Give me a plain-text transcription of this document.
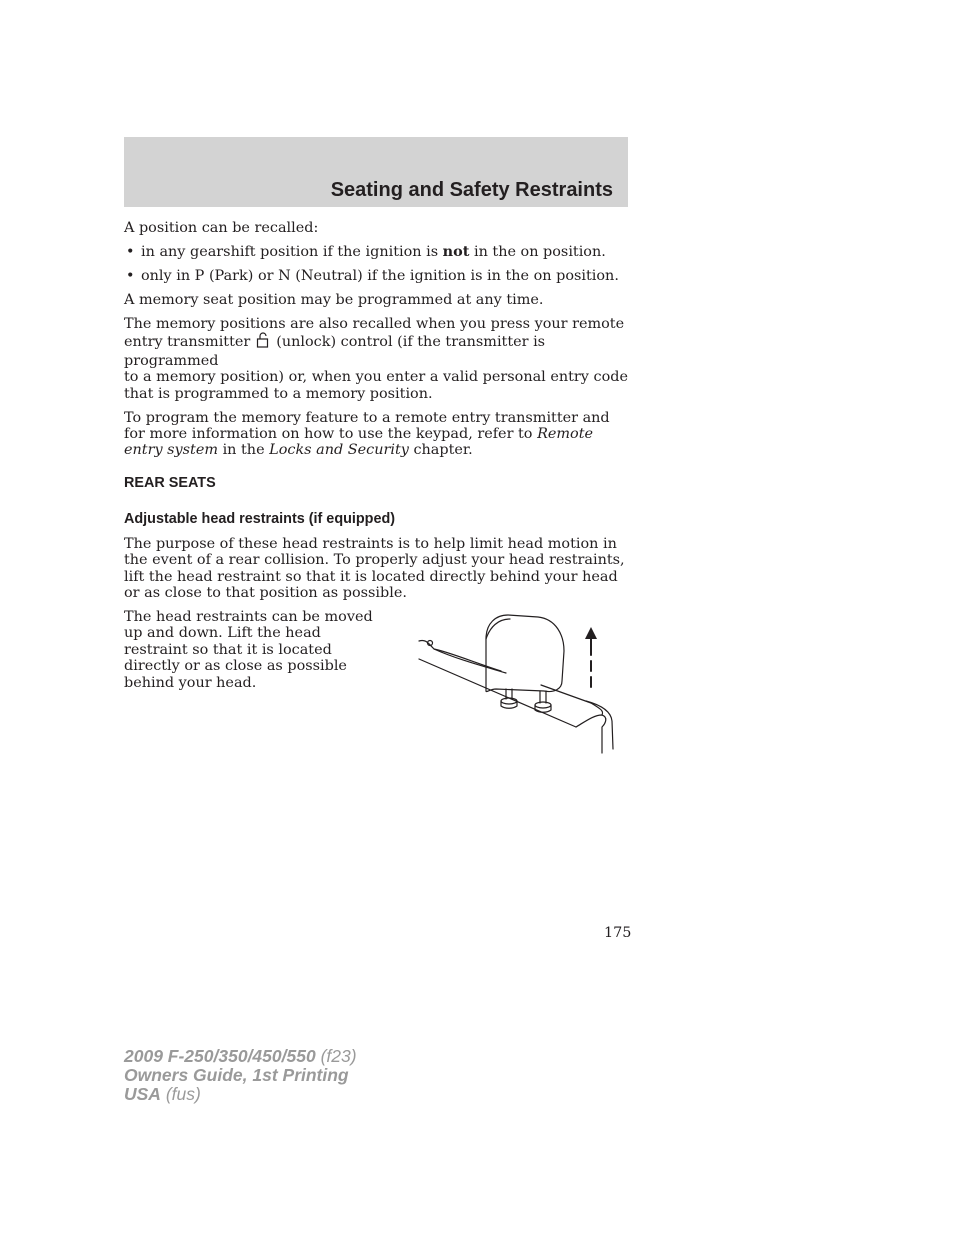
Seating and Safety Restraints

A position can be recalled:

• in any gearshift position if the ignition is not in the on position.
• only in P (Park) or N (Neutral) if the ignition is in the on position.

A memory seat position may be programmed at any time.

The memory positions are also recalled when you press your remote
entry transmitter (unlock) control (if the transmitter is programmed
to a memory position) or, when you enter a valid personal entry code that is programmed to a memory position.

To program the memory feature to a remote entry transmitter and for more information on how to use the keypad, refer to Remote entry system in the Locks and Security chapter.

REAR SEATS
Adjustable head restraints (if equipped)

The purpose of these head restraints is to help limit head motion in the event of a rear collision. To properly adjust your head restraints, lift the head restraint so that it is located directly behind your head or as close to that position as possible.

The head restraints can be moved up and down. Lift the head restraint so that it is located directly or as close as possible behind your head.

175
2009 F-250/350/450/550 (f23)
Owners Guide, 1st Printing
USA (fus)
